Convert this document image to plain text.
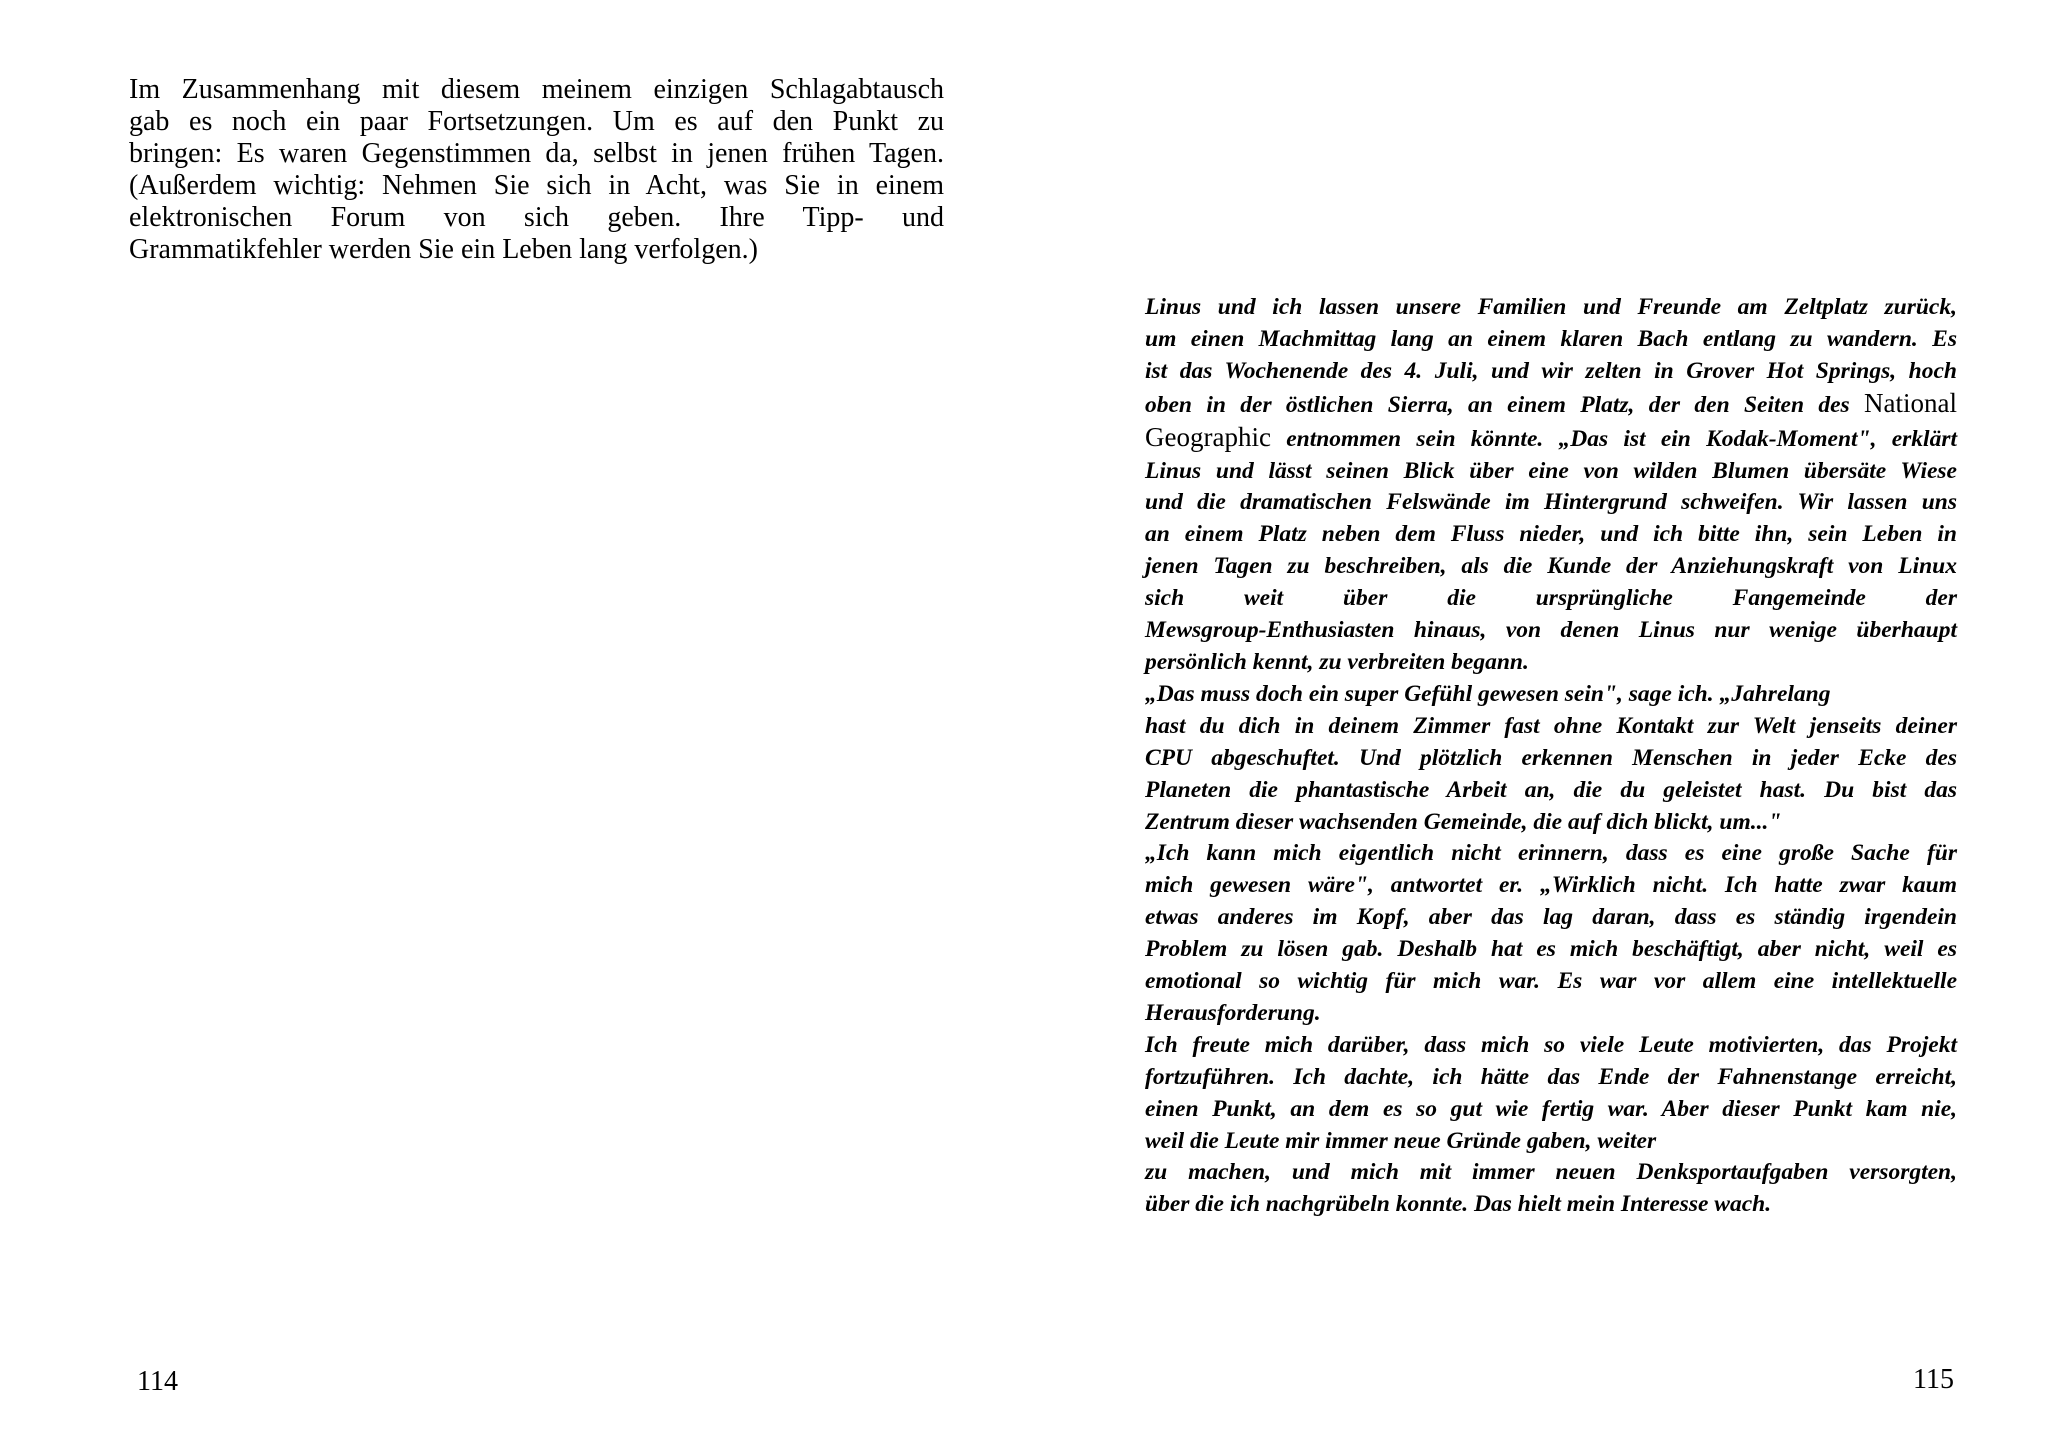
Im Zusammenhang mit diesem meinem einzigen Schlagabtausch
gab es noch ein paar Fortsetzungen. Um es auf den Punkt zu
bringen: Es waren Gegenstimmen da, selbst in jenen frühen Tagen.
(Außerdem wichtig: Nehmen Sie sich in Acht, was Sie in einem
elektronischen Forum von sich geben. Ihre Tipp- und
Grammatikfehler werden Sie ein Leben lang verfolgen.)
114
Linus und ich lassen unsere Familien und Freunde am Zeltplatz zurück,
um einen Machmittag lang an einem klaren Bach entlang zu wandern. Es
ist das Wochenende des 4. Juli, und wir zelten in Grover Hot Springs, hoch
oben in der östlichen Sierra, an einem Platz, der den Seiten des National
Geographic entnommen sein könnte. „Das ist ein Kodak-Moment", erklärt
Linus und lässt seinen Blick über eine von wilden Blumen übersäte Wiese
und die dramatischen Felswände im Hintergrund schweifen. Wir lassen uns
an einem Platz neben dem Fluss nieder, und ich bitte ihn, sein Leben in
jenen Tagen zu beschreiben, als die Kunde der Anziehungskraft von Linux
sich weit über die ursprüngliche Fangemeinde der
Mewsgroup-Enthusiasten hinaus, von denen Linus nur wenige überhaupt
persönlich kennt, zu verbreiten begann.
„Das muss doch ein super Gefühl gewesen sein", sage ich. „Jahrelang
hast du dich in deinem Zimmer fast ohne Kontakt zur Welt jenseits deiner
CPU abgeschuftet. Und plötzlich erkennen Menschen in jeder Ecke des
Planeten die phantastische Arbeit an, die du geleistet hast. Du bist das
Zentrum dieser wachsenden Gemeinde, die auf dich blickt, um..."
„Ich kann mich eigentlich nicht erinnern, dass es eine große Sache für
mich gewesen wäre", antwortet er. „Wirklich nicht. Ich hatte zwar kaum
etwas anderes im Kopf, aber das lag daran, dass es ständig irgendein
Problem zu lösen gab. Deshalb hat es mich beschäftigt, aber nicht, weil es
emotional so wichtig für mich war. Es war vor allem eine intellektuelle
Herausforderung.
Ich freute mich darüber, dass mich so viele Leute motivierten, das Projekt
fortzuführen. Ich dachte, ich hätte das Ende der Fahnenstange erreicht,
einen Punkt, an dem es so gut wie fertig war. Aber dieser Punkt kam nie,
weil die Leute mir immer neue Gründe gaben, weiter
zu machen, und mich mit immer neuen Denksportaufgaben versorgten,
über die ich nachgrübeln konnte. Das hielt mein Interesse wach.
115
